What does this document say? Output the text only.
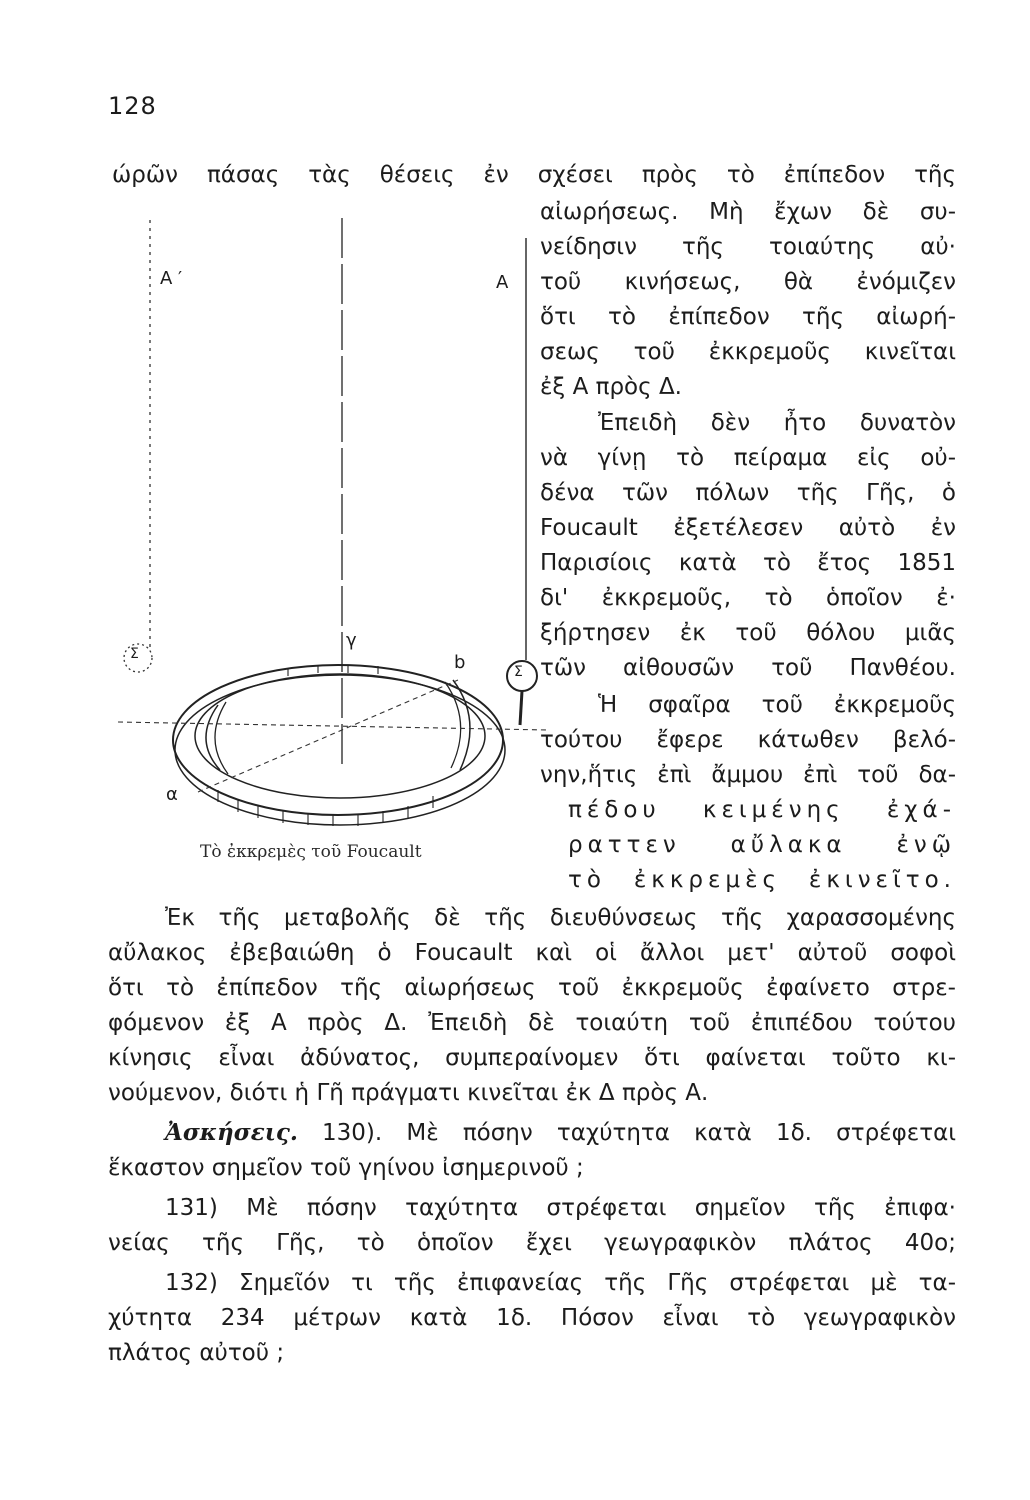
128
ώρῶν πάσας τὰς θέσεις ἐν σχέσει πρὸς τὸ ἐπίπεδον τῆς
αἰωρήσεως. Μὴ ἔχων δὲ συ-
νείδησιν τῆς τοιαύτης αὐ·
τοῦ κινήσεως, θὰ ἐνόμιζεν
ὅτι τὸ ἐπίπεδον τῆς αἰωρή-
σεως τοῦ ἐκκρεμοῦς κινεῖται
ἐξ Α πρὸς Δ.
Ἐπειδὴ δὲν ἦτο δυνατὸν
νὰ γίνῃ τὸ πείραμα εἰς οὐ-
δένα τῶν πόλων τῆς Γῆς, ὁ
Foucault ἐξετέλεσεν αὐτὸ ἐν
Παρισίοις κατὰ τὸ ἔτος 1851
δι' ἐκκρεμοῦς, τὸ ὁποῖον ἐ·
ξήρτησεν ἐκ τοῦ θόλου μιᾶς
τῶν αἰθουσῶν τοῦ Πανθέου.
Ἡ σφαῖρα τοῦ ἐκκρεμοῦς
τούτου ἔφερε κάτωθεν βελό-
νην,ἥτις ἐπὶ ἄμμου ἐπὶ τοῦ δα-
πέδου κειμένης ἐχά-
ραττεν αὔλακα ἐνῷ
τὸ ἐκκρεμὲς ἐκινεῖτο.
Ἐκ τῆς μεταβολῆς δὲ τῆς διευθύνσεως τῆς χαρασσομένης
αὔλακος ἐβεβαιώθη ὁ Foucault καὶ οἱ ἄλλοι μετ' αὐτοῦ σοφοὶ
ὅτι τὸ ἐπίπεδον τῆς αἰωρήσεως τοῦ ἐκκρεμοῦς ἐφαίνετο στρε-
φόμενον ἐξ Α πρὸς Δ. Ἐπειδὴ δὲ τοιαύτη τοῦ ἐπιπέδου τούτου
κίνησις εἶναι ἀδύνατος, συμπεραίνομεν ὅτι φαίνεται τοῦτο κι-
νούμενον, διότι ἡ Γῆ πράγματι κινεῖται ἐκ Δ πρὸς Α.
Ἀσκήσεις. 130). Μὲ πόσην ταχύτητα κατὰ 1δ. στρέφεται
ἕκαστον σημεῖον τοῦ γηίνου ἰσημερινοῦ ;
131) Μὲ πόσην ταχύτητα στρέφεται σημεῖον τῆς ἐπιφα·
νείας τῆς Γῆς, τὸ ὁποῖον ἔχει γεωγραφικὸν πλάτος 40ο;
132) Σημεῖόν τι τῆς ἐπιφανείας τῆς Γῆς στρέφεται μὲ τα-
χύτητα 234 μέτρων κατὰ 1δ. Πόσον εἶναι τὸ γεωγραφικὸν
πλάτος αὐτοῦ ;
A ′	A
γ
b
α
Σ
Σ
Τὸ ἐκκρεμὲς τοῦ Foucault
